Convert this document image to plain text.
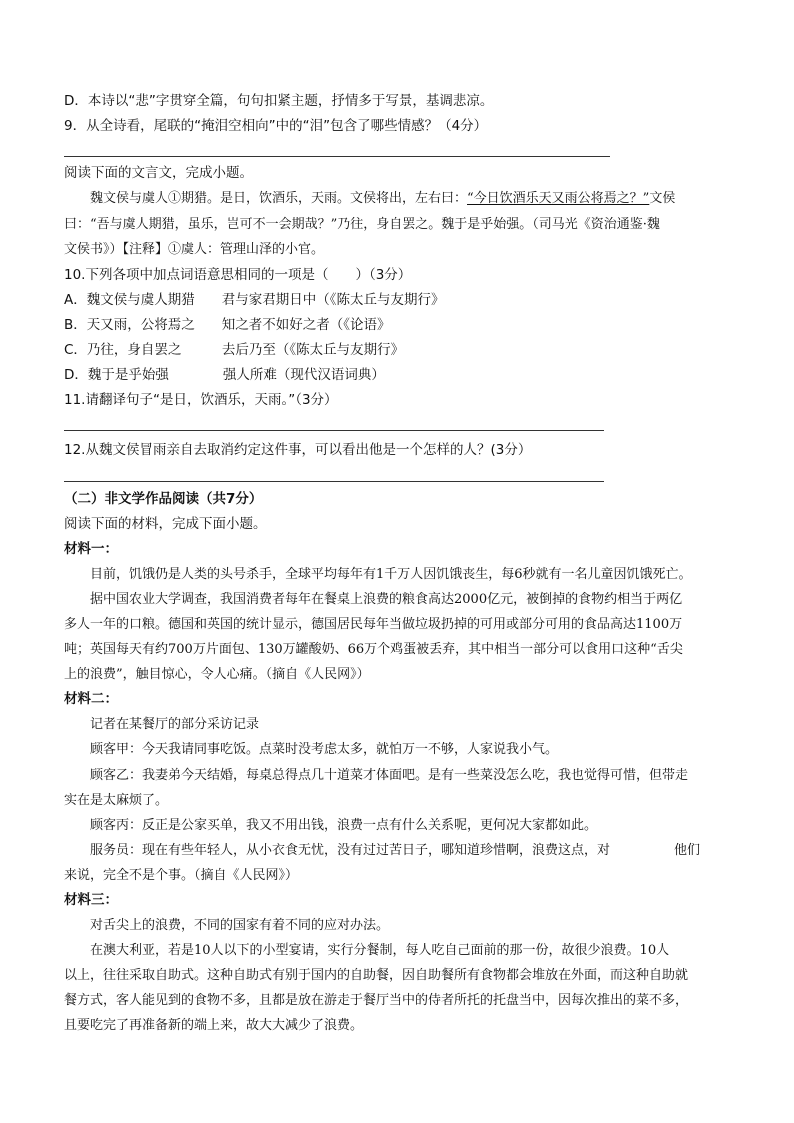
D．本诗以“悲”字贯穿全篇，句句扣紧主题，抒情多于写景，基调悲凉。
9．从全诗看，尾联的“掩泪空相向”中的“泪”包含了哪些情感？（4分）
阅读下面的文言文，完成小题。
魏文侯与虞人①期猎。是日，饮酒乐，天雨。文侯将出，左右曰：“今日饮酒乐天又雨公将焉之？”文侯
曰：“吾与虞人期猎，虽乐，岂可不一会期哉？”乃往，身自罢之。魏于是乎始强。（司马光《资治通鉴·魏
文侯书》）【注释】①虞人：管理山泽的小官。
10.下列各项中加点词语意思相同的一项是（　　）（3分）
A．魏文侯与虞人期猎　　君与家君期日中（《陈太丘与友期行》
B．天又雨，公将焉之　　知之者不如好之者（《论语》
C．乃往，身自罢之　　　去后乃至（《陈太丘与友期行》
D．魏于是乎始强　　　　强人所难（现代汉语词典）
11.请翻译句子“是日，饮酒乐，天雨。”（3分）
12.从魏文侯冒雨亲自去取消约定这件事，可以看出他是一个怎样的人？(3分）
（二）非文学作品阅读（共7分）
阅读下面的材料，完成下面小题。
材料一：
目前，饥饿仍是人类的头号杀手，全球平均每年有1千万人因饥饿丧生，每6秒就有一名儿童因饥饿死亡。
据中国农业大学调查，我国消费者每年在餐桌上浪费的粮食高达2000亿元，被倒掉的食物约相当于两亿
多人一年的口粮。德国和英国的统计显示，德国居民每年当做垃圾扔掉的可用或部分可用的食品高达1100万
吨；英国每天有约700万片面包、130万罐酸奶、66万个鸡蛋被丢弃，其中相当一部分可以食用口这种“舌尖
上的浪费”，触目惊心，令人心痛。（摘自《人民网》）
材料二：
记者在某餐厅的部分采访记录
顾客甲：今天我请同事吃饭。点菜时没考虑太多，就怕万一不够，人家说我小气。
顾客乙：我妻弟今天结婚，每桌总得点几十道菜才体面吧。是有一些菜没怎么吃，我也觉得可惜，但带走
实在是太麻烦了。
顾客丙：反正是公家买单，我又不用出钱，浪费一点有什么关系呢，更何况大家都如此。
服务员：现在有些年轻人，从小衣食无忧，没有过过苦日子，哪知道珍惜啊，浪费这点，对	他们
来说，完全不是个事。（摘自《人民网》）
材料三：
对舌尖上的浪费，不同的国家有着不同的应对办法。
在澳大利亚，若是10人以下的小型宴请，实行分餐制，每人吃自己面前的那一份，故很少浪费。10人
以上，往往采取自助式。这种自助式有别于国内的自助餐，因自助餐所有食物都会堆放在外面，而这种自助就
餐方式，客人能见到的食物不多，且都是放在游走于餐厅当中的侍者所托的托盘当中，因每次推出的菜不多，
且要吃完了再准备新的端上来，故大大减少了浪费。
